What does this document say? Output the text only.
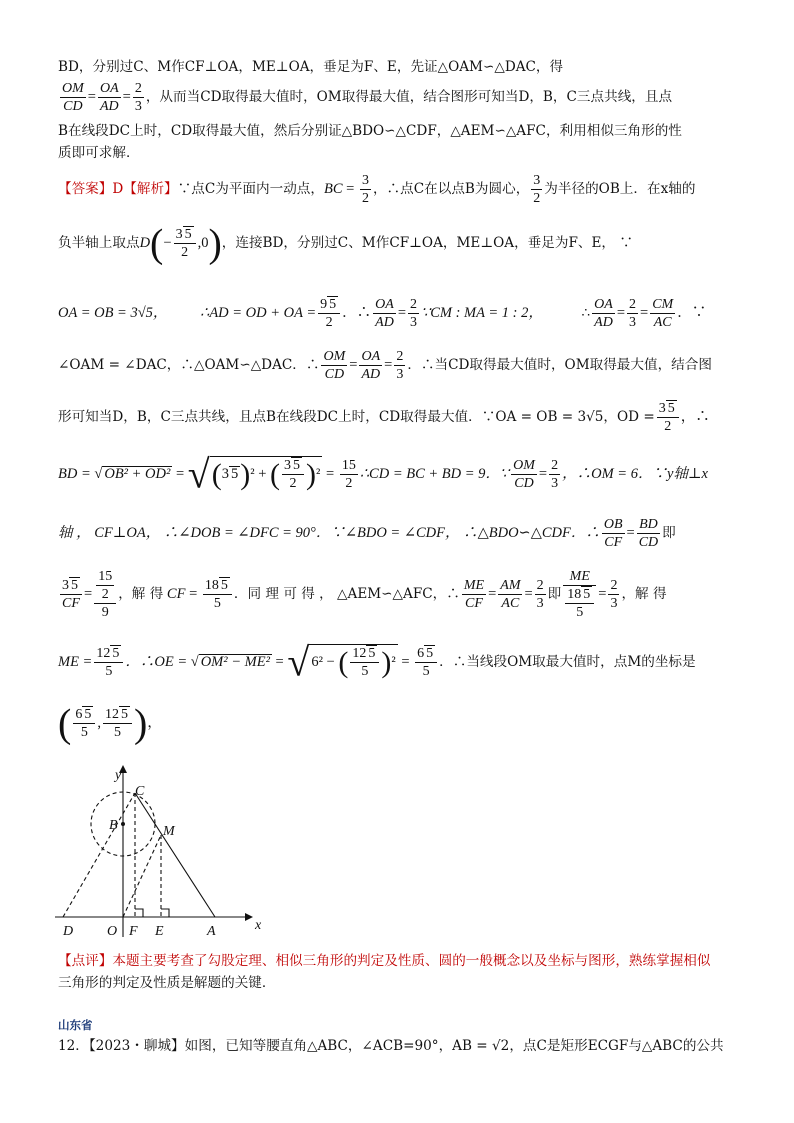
BD，分别过C、M作CF⊥OA，ME⊥OA，垂足为F、E，先证△OAM∽△DAC，得
$\frac{OM}{CD} = \frac{OA}{AD} = \frac{2}{3}$ ，从而当CD取得最大值时，OM取得最大值，结合图形可知当D，B，C三点共线，且点
B在线段DC上时，CD取得最大值，然后分别证△BDO∽△CDF，△AEM∽△AFC，利用相似三角形的性
质即可求解．
【答案】D【解析】∵点C为平面内一动点，BC = $\frac{3}{2}$ ，∴点C在以点B为圆心， $\frac{3}{2}$ 为半径的OB上．在x轴的
负半轴上取点$D(- \frac{3 5}{2} ,0)$，连接BD，分别过C、M作CF⊥OA，ME⊥OA，垂足为F、E， ∵
OA = OB = 3√5， ∴AD = OD + OA = $\frac{9 5}{2}$ ．∴ $\frac{OA}{AD} = \frac{2}{3}$ ∵CM : MA = 1 : 2，	∴ $\frac{OA}{AD} = \frac{2}{3} = \frac{CM}{AC}$ ．∵
∠OAM = ∠DAC，∴△OAM∽△DAC．∴ $\frac{OM}{CD} = \frac{OA}{AD} = \frac{2}{3}$ ．∴当CD取得最大值时，OM取得最大值，结合图
形可知当D，B，C三点共线，且点B在线段DC上时，CD取得最大值．∵OA = OB = 3√5，OD = $\frac{3 5}{2}$ ，∴
BD = √ OB² + OD² = √(3 5)² + ( $\frac{3 5}{2} )^2 = \frac{15}{2}$ ∴CD = BC + BD = 9．∵ $\frac{OM}{CD} = \frac{2}{3}$ ，∴OM = 6．∵y轴⊥x
轴 ， CF⊥OA， ∴∠DOB = ∠DFC = 90°．∵∠BDO = ∠CDF， ∴△BDO∽△CDF．∴ $\frac{OB}{CF} = \frac{BD}{CD}$ 即
$\frac{3 5}{CF} = \frac{\frac{15}{2}}{9}$ ，解 得 CF = $\frac{18 5}{5}$ ．同 理 可 得 ， △AEM∽△AFC，∴ $\frac{ME}{CF} = \frac{AM}{AC} = \frac{2}{3}$ 即 $\frac{ME}{\frac{18 5}{5}} = \frac{2}{3}$ ，解 得
ME = $\frac{12 5}{5}$ ．∴OE = √ OM² − ME² = √ 6² − ( $\frac{12 5}{5} )^2 = \frac{6 5}{5}$ ．∴当线段OM取最大值时，点M的坐标是
( $\frac{6 5}{5}$ , $\frac{12 5}{5}$ )，
y
x
C
B	M
D O F E	A
【点评】本题主要考查了勾股定理、相似三角形的判定及性质、圆的一般概念以及坐标与图形，熟练掌握相似
三角形的判定及性质是解题的关键．
山东省
12．【2023・聊城】如图，已知等腰直角△ABC，∠ACB=90°，AB = √2，点C是矩形ECGF与△ABC的公共
